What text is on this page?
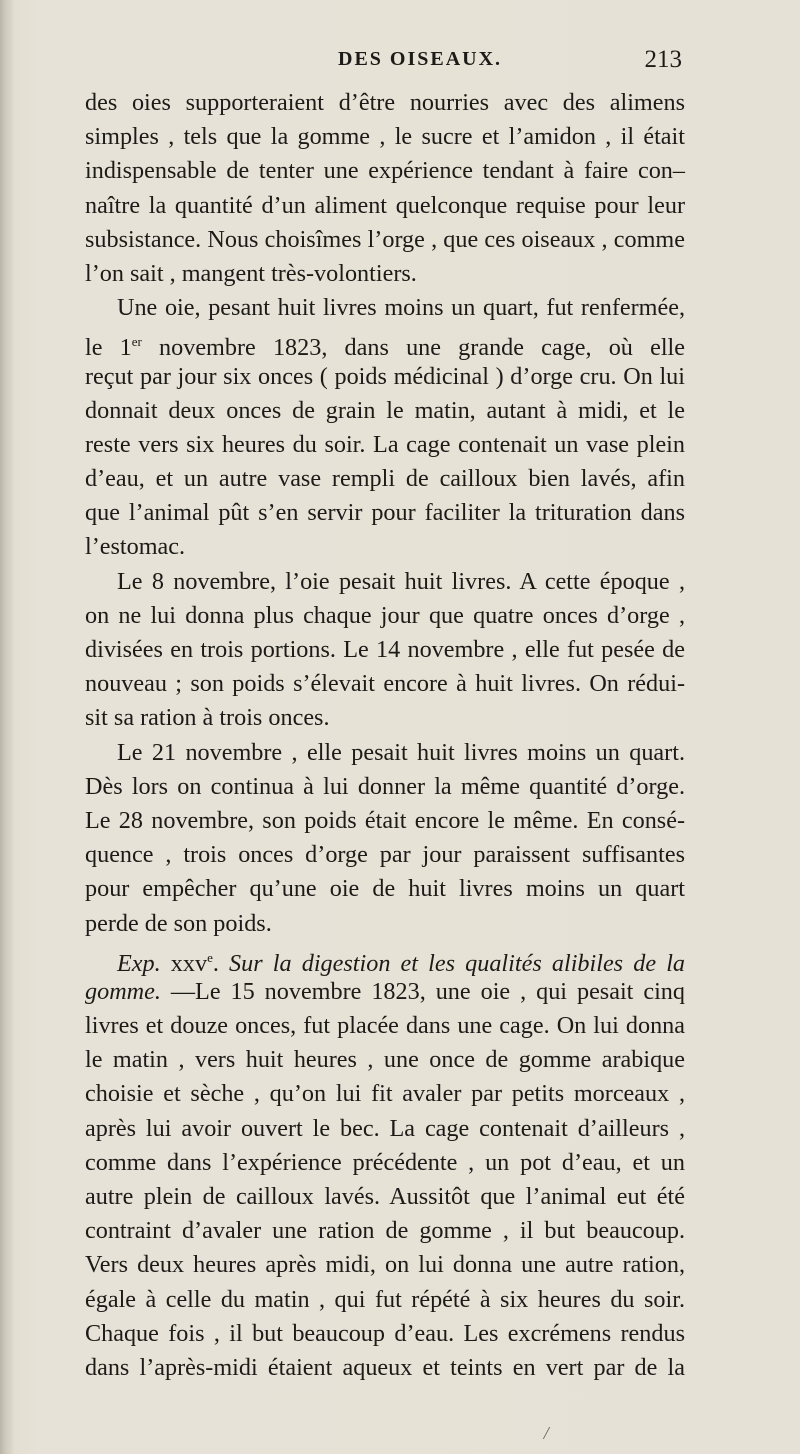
DES OISEAUX.	213
des oies supporteraient d’être nourries avec des alimens
simples , tels que la gomme , le sucre et l’amidon , il était
indispensable de tenter une expérience tendant à faire con–
naître la quantité d’un aliment quelconque requise pour leur
subsistance. Nous choisîmes l’orge , que ces oiseaux , comme
l’on sait , mangent très-volontiers.
Une oie, pesant huit livres moins un quart, fut renfermée,
le 1er novembre 1823, dans une grande cage, où elle
reçut par jour six onces ( poids médicinal ) d’orge cru. On lui
donnait deux onces de grain le matin, autant à midi, et le
reste vers six heures du soir. La cage contenait un vase plein
d’eau, et un autre vase rempli de cailloux bien lavés, afin
que l’animal pût s’en servir pour faciliter la trituration dans
l’estomac.
Le 8 novembre, l’oie pesait huit livres. A cette époque ,
on ne lui donna plus chaque jour que quatre onces d’orge ,
divisées en trois portions. Le 14 novembre , elle fut pesée de
nouveau ; son poids s’élevait encore à huit livres. On rédui-
sit sa ration à trois onces.
Le 21 novembre , elle pesait huit livres moins un quart.
Dès lors on continua à lui donner la même quantité d’orge.
Le 28 novembre, son poids était encore le même. En consé-
quence , trois onces d’orge par jour paraissent suffisantes
pour empêcher qu’une oie de huit livres moins un quart
perde de son poids.
Exp. xxv$^e$. Sur la digestion et les qualités alibiles de la
gomme. —Le 15 novembre 1823, une oie , qui pesait cinq
livres et douze onces, fut placée dans une cage. On lui donna
le matin , vers huit heures , une once de gomme arabique
choisie et sèche , qu’on lui fit avaler par petits morceaux ,
après lui avoir ouvert le bec. La cage contenait d’ailleurs ,
comme dans l’expérience précédente , un pot d’eau, et un
autre plein de cailloux lavés. Aussitôt que l’animal eut été
contraint d’avaler une ration de gomme , il but beaucoup.
Vers deux heures après midi, on lui donna une autre ration,
égale à celle du matin , qui fut répété à six heures du soir.
Chaque fois , il but beaucoup d’eau. Les excrémens rendus
dans l’après-midi étaient aqueux et teints en vert par de la
